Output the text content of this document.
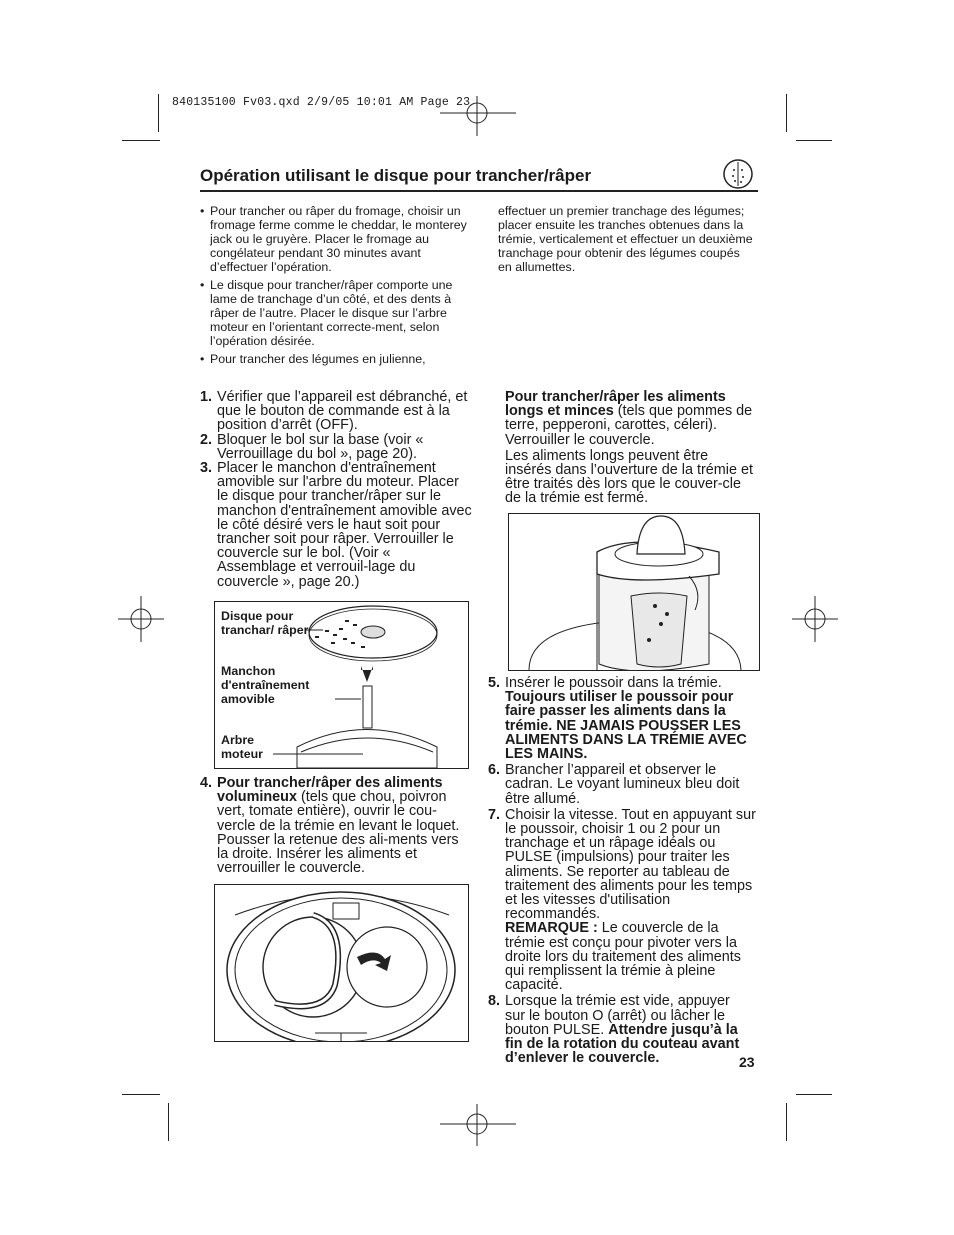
840135100 Fv03.qxd 2/9/05 10:01 AM Page 23
Opération utilisant le disque pour trancher/râper
• Pour trancher ou râper du fromage, choisir un fromage ferme comme le cheddar, le monterey jack ou le gruyère. Placer le fromage au congélateur pendant 30 minutes avant d’effectuer l’opération.
• Le disque pour trancher/râper comporte une lame de tranchage d’un côté, et des dents à râper de l’autre. Placer le disque sur l’arbre moteur en l’orientant correcte-ment, selon l’opération désirée.
• Pour trancher des légumes en julienne,
effectuer un premier tranchage des légumes; placer ensuite les tranches obtenues dans la trémie, verticalement et effectuer un deuxième tranchage pour obtenir des légumes coupés en allumettes.
1. Vérifier que l’appareil est débranché, et que le bouton de commande est à la position d’arrêt (OFF).
2. Bloquer le bol sur la base (voir « Verrouillage du bol », page 20).
3. Placer le manchon d'entraînement amovible sur l'arbre du moteur. Placer le disque pour trancher/râper sur le manchon d'entraînement amovible avec le côté désiré vers le haut soit pour trancher soit pour râper. Verrouiller le couvercle sur le bol. (Voir « Assemblage et verrouil-lage du couvercle », page 20.)
Disque pour tranchar/ râper
Manchon d'entraînement amovible
Arbre moteur
4. Pour trancher/râper des aliments volumineux (tels que chou, poivron vert, tomate entière), ouvrir le cou-vercle de la trémie en levant le loquet. Pousser la retenue des ali-ments vers la droite. Insérer les aliments et verrouiller le couvercle.
Pour trancher/râper les aliments longs et minces (tels que pommes de terre, pepperoni, carottes, céleri). Verrouiller le couvercle.
Les aliments longs peuvent être insérés dans l’ouverture de la trémie et être traités dès lors que le couver-cle de la trémie est fermé.
5. Insérer le poussoir dans la trémie. Toujours utiliser le poussoir pour faire passer les aliments dans la trémie. NE JAMAIS POUSSER LES ALIMENTS DANS LA TRÉMIE AVEC LES MAINS.
6. Brancher l’appareil et observer le cadran. Le voyant lumineux bleu doit être allumé.
7. Choisir la vitesse. Tout en appuyant sur le poussoir, choisir 1 ou 2 pour un tranchage et un râpage idéals ou PULSE (impulsions) pour traiter les aliments. Se reporter au tableau de traitement des aliments pour les temps et les vitesses d'utilisation recommandés.
REMARQUE : Le couvercle de la trémie est conçu pour pivoter vers la droite lors du traitement des aliments qui remplissent la trémie à pleine capacité.
8. Lorsque la trémie est vide, appuyer sur le bouton O (arrêt) ou lâcher le bouton PULSE. Attendre jusqu’à la fin de la rotation du couteau avant d’enlever le couvercle.	23
